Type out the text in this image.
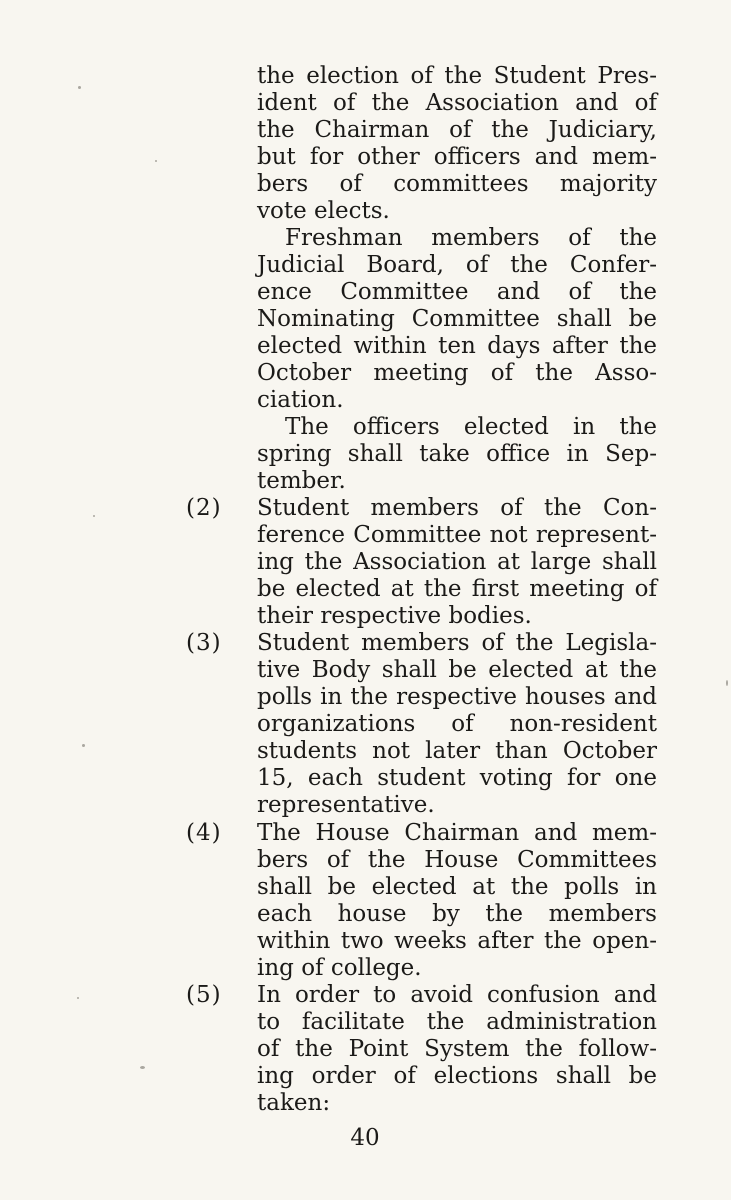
the election of the Student Pres-
ident of the Association and of
the Chairman of the Judiciary,
but for other officers and mem-
bers of committees majority
vote elects.
Freshman members of the
Judicial Board, of the Confer-
ence Committee and of the
Nominating Committee shall be
elected within ten days after the
October meeting of the Asso-
ciation.
The officers elected in the
spring shall take office in Sep-
tember.
(2)	Student members of the Con-
ference Committee not represent-
ing the Association at large shall
be elected at the first meeting of
their respective bodies.
(3)	Student members of the Legisla-
tive Body shall be elected at the
polls in the respective houses and
organizations of non-resident
students not later than October
15, each student voting for one
representative.
(4)	The House Chairman and mem-
bers of the House Committees
shall be elected at the polls in
each house by the members
within two weeks after the open-
ing of college.
(5)	In order to avoid confusion and
to facilitate the administration
of the Point System the follow-
ing order of elections shall be
taken:
40
